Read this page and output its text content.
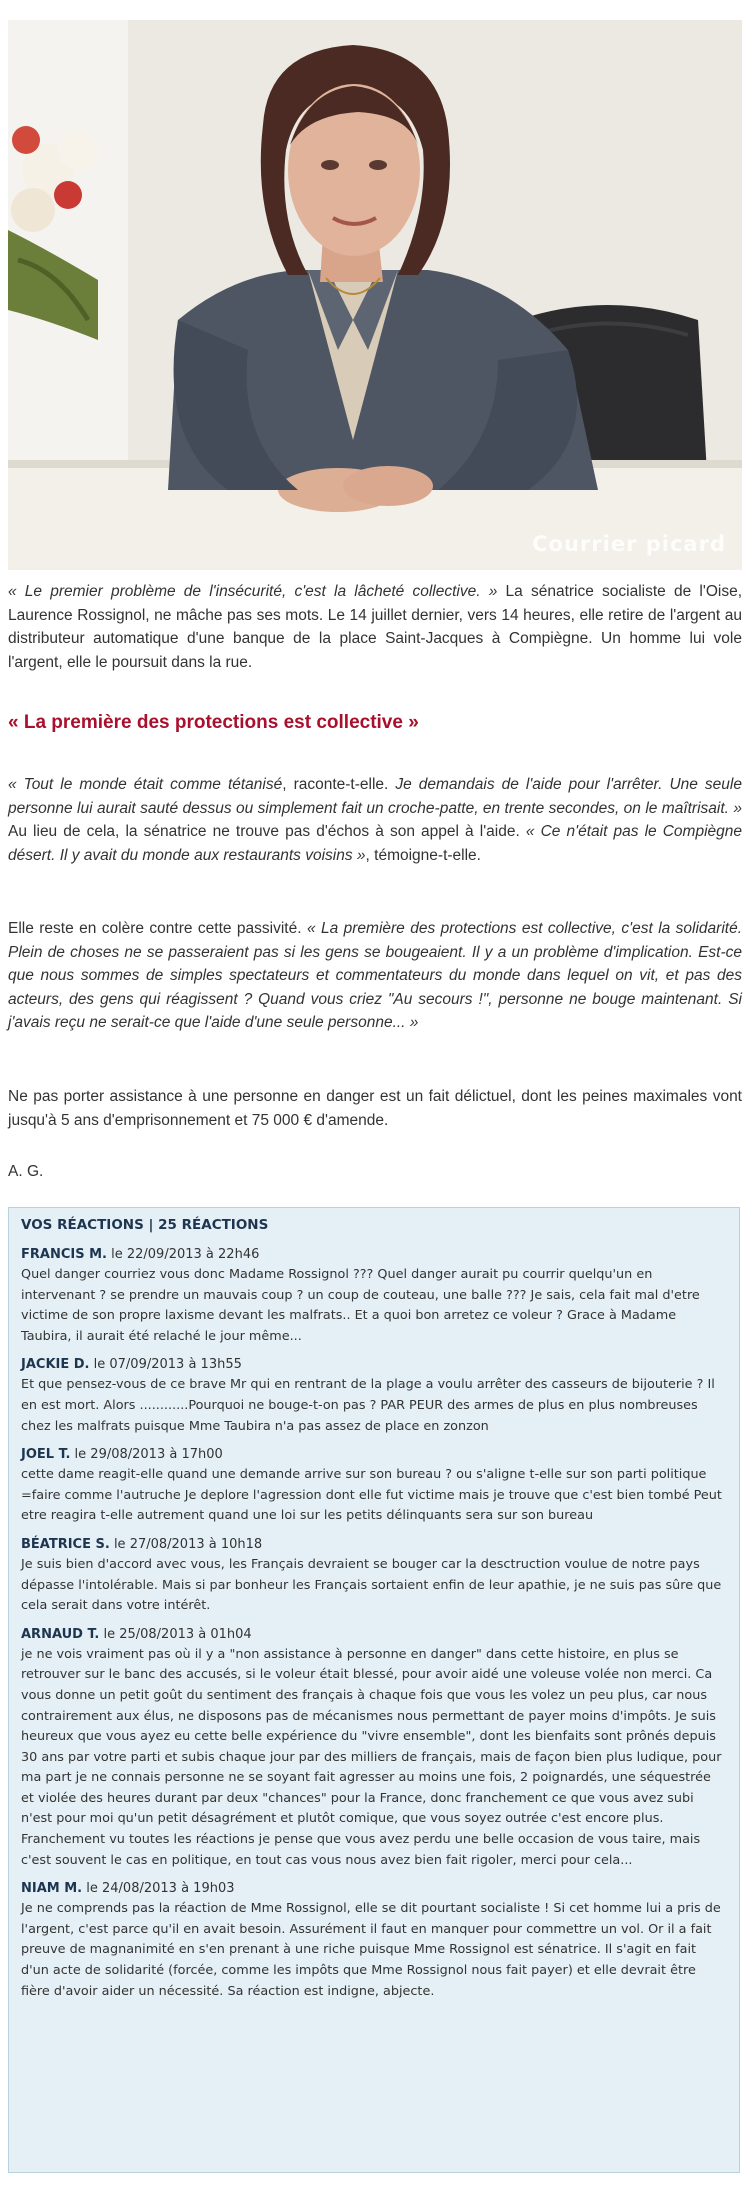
Courrier picard
« Le premier problème de l'insécurité, c'est la lâcheté collective. » La sénatrice socialiste de l'Oise, Laurence Rossignol, ne mâche pas ses mots. Le 14 juillet dernier, vers 14 heures, elle retire de l'argent au distributeur automatique d'une banque de la place Saint-Jacques à Compiègne. Un homme lui vole l'argent, elle le poursuit dans la rue.
« La première des protections est collective »

« Tout le monde était comme tétanisé, raconte-t-elle. Je demandais de l'aide pour l'arrêter. Une seule personne lui aurait sauté dessus ou simplement fait un croche-patte, en trente secondes, on le maîtrisait. » Au lieu de cela, la sénatrice ne trouve pas d'échos à son appel à l'aide. « Ce n'était pas le Compiègne désert. Il y avait du monde aux restaurants voisins », témoigne-t-elle.

Elle reste en colère contre cette passivité. « La première des protections est collective, c'est la solidarité. Plein de choses ne se passeraient pas si les gens se bougeaient. Il y a un problème d'implication. Est-ce que nous sommes de simples spectateurs et commentateurs du monde dans lequel on vit, et pas des acteurs, des gens qui réagissent ? Quand vous criez "Au secours !", personne ne bouge maintenant. Si j'avais reçu ne serait-ce que l'aide d'une seule personne... »

Ne pas porter assistance à une personne en danger est un fait délictuel, dont les peines maximales vont jusqu'à 5 ans d'emprisonnement et 75 000 € d'amende.

A. G.

VOS RÉACTIONS | 25 RÉACTIONS
FRANCIS M. le 22/09/2013 à 22h46
Quel danger courriez vous donc Madame Rossignol ??? Quel danger aurait pu courrir quelqu'un en intervenant ? se prendre un mauvais coup ? un coup de couteau, une balle ??? Je sais, cela fait mal d'etre victime de son propre laxisme devant les malfrats.. Et a quoi bon arretez ce voleur ? Grace à Madame Taubira, il aurait été relaché le jour même...
JACKIE D. le 07/09/2013 à 13h55
Et que pensez-vous de ce brave Mr qui en rentrant de la plage a voulu arrêter des casseurs de bijouterie ? Il en est mort. Alors ............Pourquoi ne bouge-t-on pas ? PAR PEUR des armes de plus en plus nombreuses chez les malfrats puisque Mme Taubira n'a pas assez de place en zonzon
JOEL T. le 29/08/2013 à 17h00
cette dame reagit-elle quand une demande arrive sur son bureau ? ou s'aligne t-elle sur son parti politique =faire comme l'autruche Je deplore l'agression dont elle fut victime mais je trouve que c'est bien tombé Peut etre reagira t-elle autrement quand une loi sur les petits délinquants sera sur son bureau
BÉATRICE S. le 27/08/2013 à 10h18
Je suis bien d'accord avec vous, les Français devraient se bouger car la desctruction voulue de notre pays dépasse l'intolérable. Mais si par bonheur les Français sortaient enfin de leur apathie, je ne suis pas sûre que cela serait dans votre intérêt.
ARNAUD T. le 25/08/2013 à 01h04
je ne vois vraiment pas où il y a "non assistance à personne en danger" dans cette histoire, en plus se retrouver sur le banc des accusés, si le voleur était blessé, pour avoir aidé une voleuse volée non merci. Ca vous donne un petit goût du sentiment des français à chaque fois que vous les volez un peu plus, car nous contrairement aux élus, ne disposons pas de mécanismes nous permettant de payer moins d'impôts. Je suis heureux que vous ayez eu cette belle expérience du "vivre ensemble", dont les bienfaits sont prônés depuis 30 ans par votre parti et subis chaque jour par des milliers de français, mais de façon bien plus ludique, pour ma part je ne connais personne ne se soyant fait agresser au moins une fois, 2 poignardés, une séquestrée et violée des heures durant par deux "chances" pour la France, donc franchement ce que vous avez subi n'est pour moi qu'un petit désagrément et plutôt comique, que vous soyez outrée c'est encore plus. Franchement vu toutes les réactions je pense que vous avez perdu une belle occasion de vous taire, mais c'est souvent le cas en politique, en tout cas vous nous avez bien fait rigoler, merci pour cela...
NIAM M. le 24/08/2013 à 19h03
Je ne comprends pas la réaction de Mme Rossignol, elle se dit pourtant socialiste ! Si cet homme lui a pris de l'argent, c'est parce qu'il en avait besoin. Assurément il faut en manquer pour commettre un vol. Or il a fait preuve de magnanimité en s'en prenant à une riche puisque Mme Rossignol est sénatrice. Il s'agit en fait d'un acte de solidarité (forcée, comme les impôts que Mme Rossignol nous fait payer) et elle devrait être fière d'avoir aider un nécessité. Sa réaction est indigne, abjecte.
